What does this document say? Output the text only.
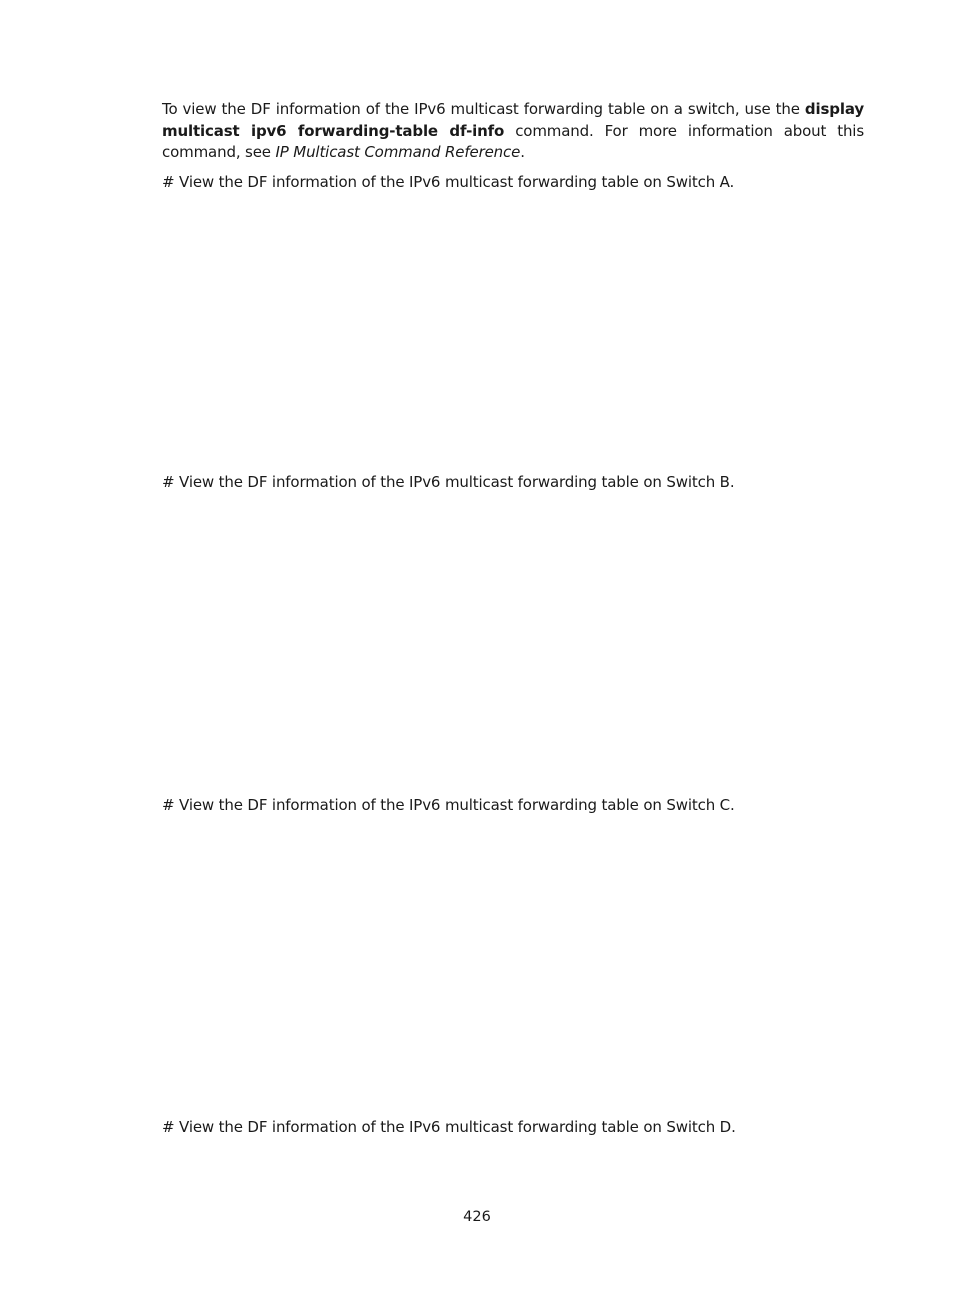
To view the DF information of the IPv6 multicast forwarding table on a switch, use the display multicast ipv6 forwarding-table df-info command. For more information about this command, see IP Multicast Command Reference.

# View the DF information of the IPv6 multicast forwarding table on Switch A.

# View the DF information of the IPv6 multicast forwarding table on Switch B.

# View the DF information of the IPv6 multicast forwarding table on Switch C.

# View the DF information of the IPv6 multicast forwarding table on Switch D.

426
